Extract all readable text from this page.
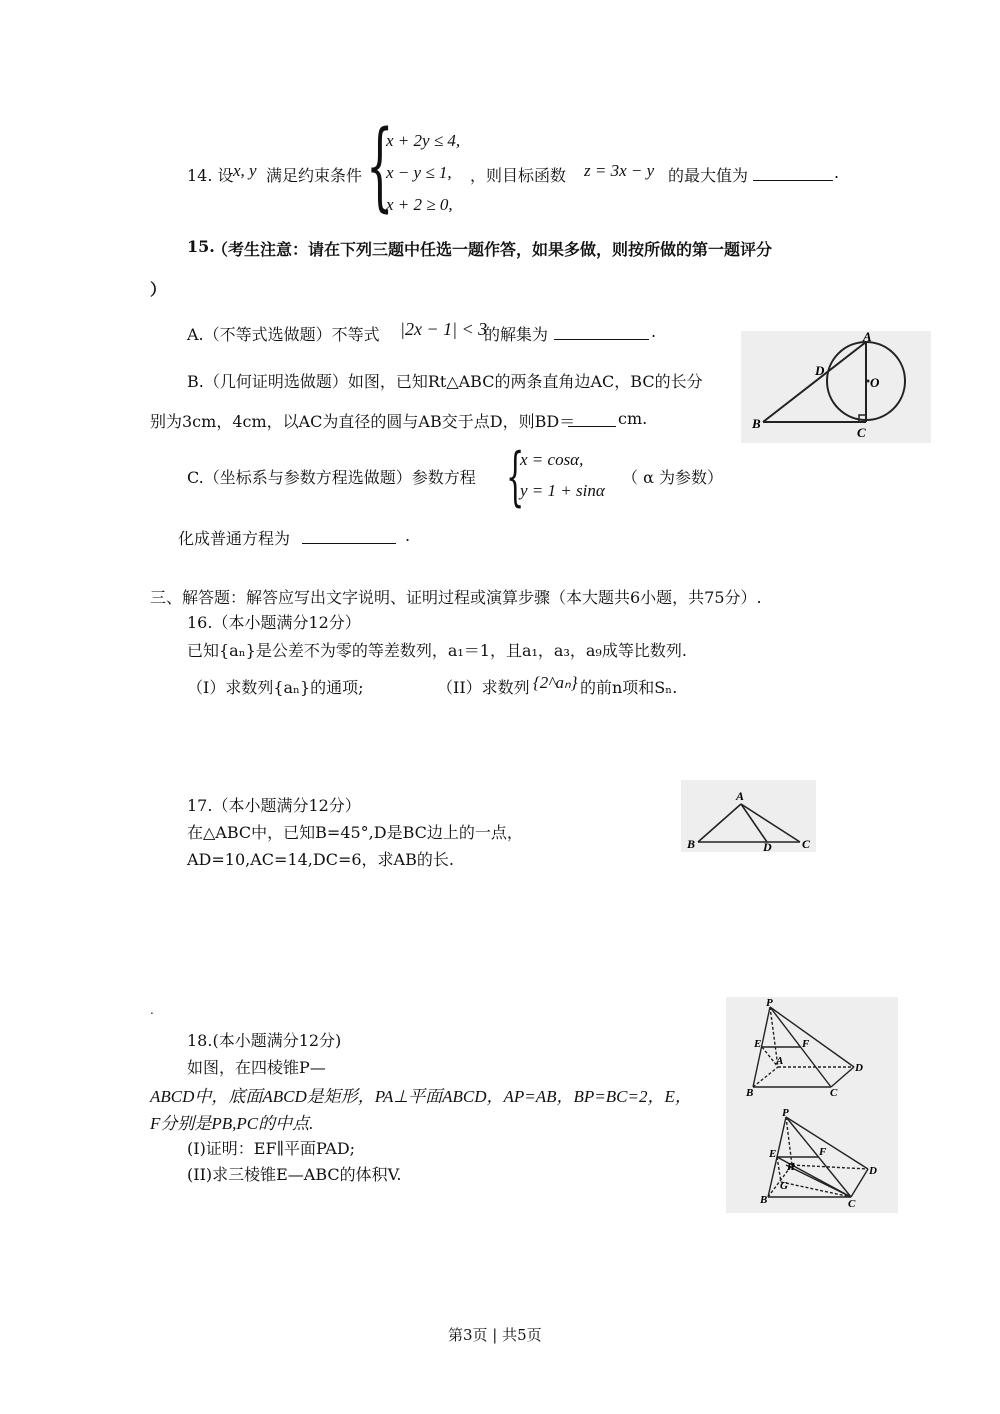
14. 设 x, y 满足约束条件 {
x + 2y ≤ 4,
x − y ≤ 1,
x + 2 ≥ 0,
，则目标函数 z = 3x − y 的最大值为	.
15.
（考生注意：请在下列三题中任选一题作答，如果多做，则按所做的第一题评分
）
A.（不等式选做题）不等式 |2x − 1| < 3
的解集为	.
B.（几何证明选做题）如图，已知Rt△ABC的两条直角边AC，BC的长分
别为3cm，4cm，以AC为直径的圆与AB交于点D，则BD＝	cm.
A
D
O
B
C
C.（坐标系与参数方程选做题）参数方程 {
x = cosα,
y = 1 + sinα
（ α 为参数）
化成普通方程为	.
三、解答题：解答应写出文字说明、证明过程或演算步骤（本大题共6小题，共75分）.
16.（本小题满分12分）
已知{aₙ}是公差不为零的等差数列，a₁＝1，且a₁，a₃，a₉成等比数列.
（I）求数列{aₙ}的通项;	（II）求数列 {2^aₙ} 的前n项和Sₙ.
17.（本小题满分12分）
在△ABC中，已知B=45°,D是BC边上的一点，
AD=10,AC=14,DC=6，求AB的长.
A
B	D	C
.
18.(本小题满分12分)
如图，在四棱锥P—
ABCD中，底面ABCD是矩形，PA⊥平面ABCD，AP=AB，BP=BC=2，E，
F分别是PB,PC的中点.
(I)证明：EF∥平面PAD;
(II)求三棱锥E—ABC的体积V.
P
E	F
A
D
B	C
P
E	F
H
G
D
B	C
第3页 | 共5页
